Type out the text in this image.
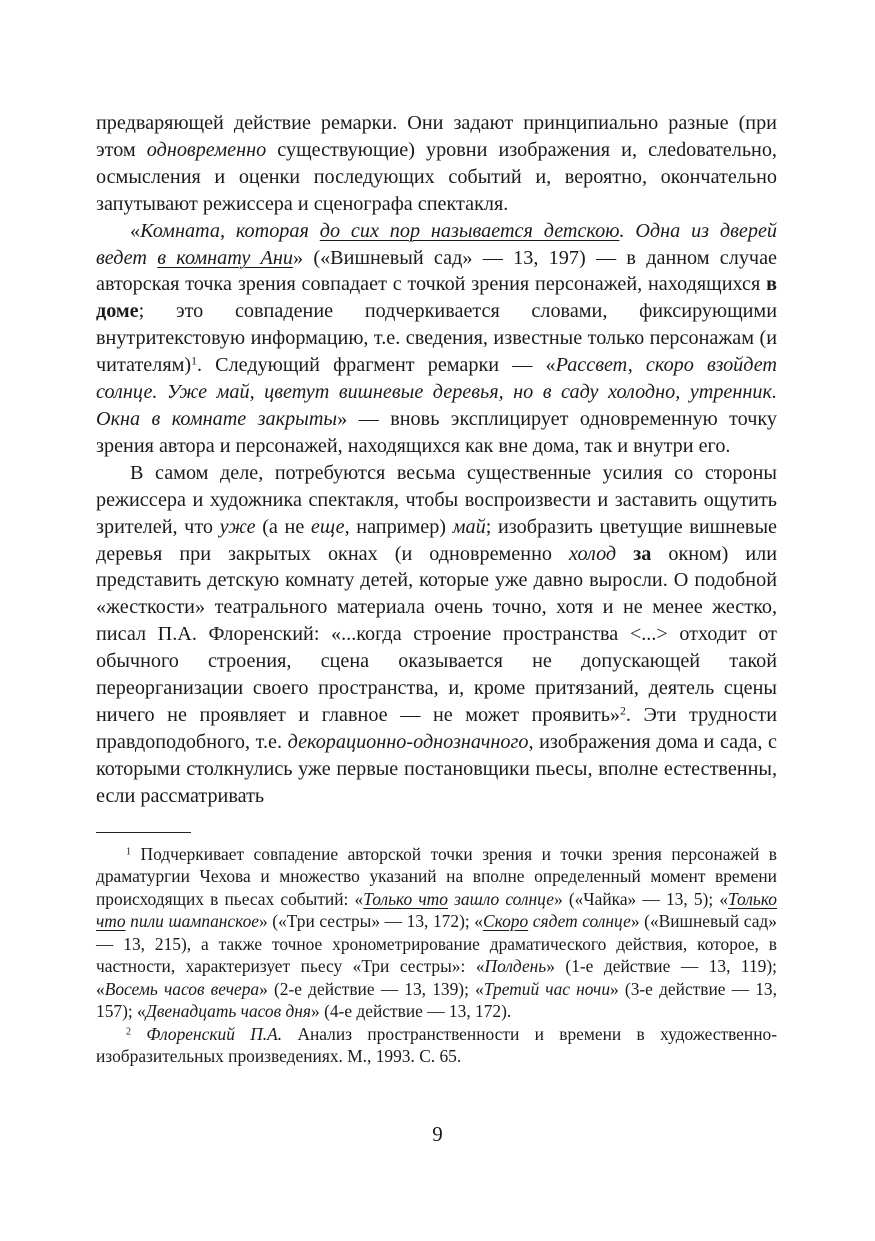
предваряющей действие ремарки. Они задают принципиально разные (при этом одновременно существующие) уровни изображения и, слеdовательно, осмысления и оценки последующих событий и, вероятно, окончательно запутывают режиссера и сценографа спектакля.

«Комната, которая до сих пор называется детскою. Одна из дверей ведет в комнату Ани» («Вишневый сад» — 13, 197) — в данном случае авторская точка зрения совпадает с точкой зрения персонажей, находящихся в доме; это совпадение подчеркивается словами, фиксирующими внутритекстовую информацию, т.е. сведения, известные только персонажам (и читателям)$^1$. Следующий фрагмент ремарки — «Рассвет, скоро взойдет солнце. Уже май, цветут вишневые деревья, но в саду холодно, утренник. Окна в комнате закрыты» — вновь эксплицирует одновременную точку зрения автора и персонажей, находящихся как вне дома, так и внутри его.

В самом деле, потребуются весьма существенные усилия со стороны режиссера и художника спектакля, чтобы воспроизвести и заставить ощутить зрителей, что уже (а не еще, например) май; изобразить цветущие вишневые деревья при закрытых окнах (и одновременно холод за окном) или представить детскую комнату детей, которые уже давно выросли. О подобной «жесткости» театрального материала очень точно, хотя и не менее жестко, писал П.А. Флоренский: «...когда строение пространства <...> отходит от обычного строения, сцена оказывается не допускающей такой переорганизации своего пространства, и, кроме притязаний, деятель сцены ничего не проявляет и главное — не может проявить»$^2$. Эти трудности правдоподобного, т.е. декорационно-однозначного, изображения дома и сада, с которыми столкнулись уже первые постановщики пьесы, вполне естественны, если рассматривать

$^1$ Подчеркивает совпадение авторской точки зрения и точки зрения персонажей в драматургии Чехова и множество указаний на вполне определенный момент времени происходящих в пьесах событий: «Только что зашло солнце» («Чайка» — 13, 5); «Только что пили шампанское» («Три сестры» — 13, 172); «Скоро сядет солнце» («Вишневый сад» — 13, 215), а также точное хронометрирование драматического действия, которое, в частности, характеризует пьесу «Три сестры»: «Полдень» (1-е действие — 13, 119); «Восемь часов вечера» (2-е действие — 13, 139); «Третий час ночи» (3-е действие — 13, 157); «Двенадцать часов дня» (4-е действие — 13, 172).

$^2$ Флоренский П.А. Анализ пространственности и времени в художественно-изобразительных произведениях. М., 1993. С. 65.

9
